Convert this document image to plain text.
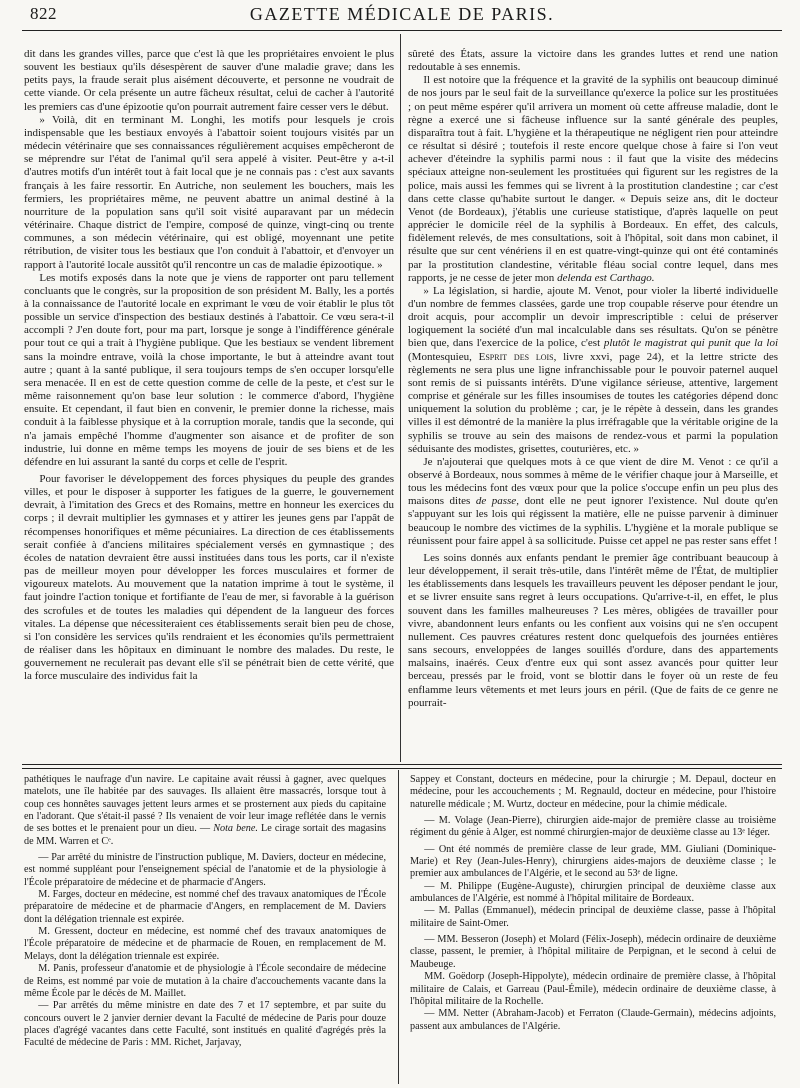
822	GAZETTE MÉDICALE DE PARIS.

dit dans les grandes villes, parce que c'est là que les propriétaires envoient le plus souvent les bestiaux qu'ils désespèrent de sauver d'une maladie grave; dans les petits pays, la fraude serait plus aisément découverte, et personne ne voudrait de cette viande. Or cela présente un autre fâcheux résultat, celui de cacher à l'autorité les premiers cas d'une épizootie qu'on pourrait autrement faire cesser vers le début.

» Voilà, dit en terminant M. Longhi, les motifs pour lesquels je crois indispensable que les bestiaux envoyés à l'abattoir soient toujours visités par un médecin vétérinaire que ses connaissances régulièrement acquises empêcheront de se méprendre sur l'état de l'animal qu'il sera appelé à visiter. Peut-être y a-t-il d'autres motifs d'un intérêt tout à fait local que je ne connais pas : c'est aux savants français à les faire ressortir. En Autriche, non seulement les bouchers, mais les fermiers, les propriétaires même, ne peuvent abattre un animal destiné à la nourriture de la population sans qu'il soit visité auparavant par un médecin vétérinaire. Chaque district de l'empire, composé de quinze, vingt-cinq ou trente communes, a son médecin vétérinaire, qui est obligé, moyennant une petite rétribution, de visiter tous les bestiaux que l'on conduit à l'abattoir, et d'envoyer un rapport à l'autorité locale aussitôt qu'il rencontre un cas de maladie épizootique. »

Les motifs exposés dans la note que je viens de rapporter ont paru tellement concluants que le congrès, sur la proposition de son président M. Bally, les a portés à la connaissance de l'autorité locale en exprimant le vœu de voir établir le plus tôt possible un service d'inspection des bestiaux destinés à l'abattoir. Ce vœu sera-t-il accompli ? J'en doute fort, pour ma part, lorsque je songe à l'indifférence générale pour tout ce qui a trait à l'hygiène publique. Que les bestiaux se vendent librement sans la moindre entrave, voilà la chose importante, le but à atteindre avant tout autre ; quant à la santé publique, il sera toujours temps de s'en occuper lorsqu'elle sera menacée. Il en est de cette question comme de celle de la peste, et c'est sur le même raisonnement qu'on base leur solution : le commerce d'abord, l'hygiène ensuite. Et cependant, il faut bien en convenir, le premier donne la richesse, mais conduit à la faiblesse physique et à la corruption morale, tandis que la seconde, qui n'a jamais empêché l'homme d'augmenter son aisance et de profiter de son industrie, lui donne en même temps les moyens de jouir de ses biens et de les défendre en lui assurant la santé du corps et celle de l'esprit.

Pour favoriser le développement des forces physiques du peuple des grandes villes, et pour le disposer à supporter les fatigues de la guerre, le gouvernement devrait, à l'imitation des Grecs et des Romains, mettre en honneur les exercices du corps ; il devrait multiplier les gymnases et y attirer les jeunes gens par l'appât de récompenses honorifiques et même pécuniaires. La direction de ces établissements serait confiée à d'anciens militaires spécialement versés en gymnastique ; des écoles de natation devraient être aussi instituées dans tous les ports, car il n'existe pas de meilleur moyen pour développer les forces musculaires et former de vigoureux matelots. Au mouvement que la natation imprime à tout le système, il faut joindre l'action tonique et fortifiante de l'eau de mer, si favorable à la guérison des scrofules et de toutes les maladies qui dépendent de la langueur des forces vitales. La dépense que nécessiteraient ces établissements serait bien peu de chose, si l'on considère les services qu'ils rendraient et les économies qu'ils permettraient de réaliser dans les hôpitaux en diminuant le nombre des malades. Du reste, le gouvernement ne reculerait pas devant elle s'il se pénétrait bien de cette vérité, que la force musculaire des individus fait la

sûreté des États, assure la victoire dans les grandes luttes et rend une nation redoutable à ses ennemis.

Il est notoire que la fréquence et la gravité de la syphilis ont beaucoup diminué de nos jours par le seul fait de la surveillance qu'exerce la police sur les prostituées ; on peut même espérer qu'il arrivera un moment où cette affreuse maladie, dont le règne a exercé une si fâcheuse influence sur la santé générale des peuples, disparaîtra tout à fait. L'hygiène et la thérapeutique ne négligent rien pour atteindre ce résultat si désiré ; toutefois il reste encore quelque chose à faire si l'on veut achever d'éteindre la syphilis parmi nous : il faut que la visite des médecins spéciaux atteigne non-seulement les prostituées qui figurent sur les registres de la police, mais aussi les femmes qui se livrent à la prostitution clandestine ; car c'est dans cette classe qu'habite surtout le danger. « Depuis seize ans, dit le docteur Venot (de Bordeaux), j'établis une curieuse statistique, d'après laquelle on peut apprécier le domicile réel de la syphilis à Bordeaux. En effet, des calculs, fidèlement relevés, de mes consultations, soit à l'hôpital, soit dans mon cabinet, il résulte que sur cent vénériens il en est quatre-vingt-quinze qui ont été contaminés par la prostitution clandestine, véritable fléau social contre lequel, dans mes rapports, je ne cesse de jeter mon delenda est Carthago.

» La législation, si hardie, ajoute M. Venot, pour violer la liberté individuelle d'un nombre de femmes classées, garde une trop coupable réserve pour étendre un droit acquis, pour accomplir un devoir imprescriptible : celui de préserver logiquement la société d'un mal incalculable dans ses résultats. Qu'on se pénètre bien que, dans l'exercice de la police, c'est plutôt le magistrat qui punit que la loi (Montesquieu, Esprit des lois, livre xxvi, page 24), et la lettre stricte des règlements ne sera plus une ligne infranchissable pour le pouvoir paternel auquel sont remis de si puissants intérêts. D'une vigilance sérieuse, attentive, largement comprise et générale sur les filles insoumises de toutes les catégories dépend donc uniquement la solution du problème ; car, je le répète à dessein, dans les grandes villes il est démontré de la manière la plus irréfragable que la véritable origine de la syphilis se trouve au sein des maisons de rendez-vous et parmi la population séduisante des modistes, grisettes, couturières, etc. »

Je n'ajouterai que quelques mots à ce que vient de dire M. Venot : ce qu'il a observé à Bordeaux, nous sommes à même de le vérifier chaque jour à Marseille, et tous les médecins font des vœux pour que la police s'occupe enfin un peu plus des maisons dites de passe, dont elle ne peut ignorer l'existence. Nul doute qu'en s'appuyant sur les lois qui régissent la matière, elle ne puisse parvenir à diminuer beaucoup le nombre des victimes de la syphilis. L'hygiène et la morale publique se réunissent pour faire appel à sa sollicitude. Puisse cet appel ne pas rester sans effet !

Les soins donnés aux enfants pendant le premier âge contribuant beaucoup à leur développement, il serait très-utile, dans l'intérêt même de l'État, de multiplier les établissements dans lesquels les travailleurs peuvent les déposer pendant le jour, et se livrer ensuite sans regret à leurs occupations. Qu'arrive-t-il, en effet, le plus souvent dans les familles malheureuses ? Les mères, obligées de travailler pour vivre, abandonnent leurs enfants ou les confient aux voisins qui ne s'en occupent nullement. Ces pauvres créatures restent donc quelquefois des journées entières sans secours, enveloppées de langes souillés d'ordure, dans des appartements malsains, inaérés. Ceux d'entre eux qui sont assez avancés pour quitter leur berceau, pressés par le froid, vont se blottir dans le foyer où un reste de feu enflamme leurs vêtements et met leurs jours en péril. (Que de faits de ce genre ne pourrait-

pathétiques le naufrage d'un navire. Le capitaine avait réussi à gagner, avec quelques matelots, une île habitée par des sauvages. Ils allaient être massacrés, lorsque tout à coup ces honnêtes sauvages jettent leurs armes et se prosternent aux pieds du capitaine en l'adorant. Que s'était-il passé ? Ils venaient de voir leur image reflétée dans le vernis de ses bottes et le prenaient pour un dieu. — Nota bene. Le cirage sortait des magasins de MM. Warren et Cᵉ.

— Par arrêté du ministre de l'instruction publique, M. Daviers, docteur en médecine, est nommé suppléant pour l'enseignement spécial de l'anatomie et de la physiologie à l'École préparatoire de médecine et de pharmacie d'Angers.

M. Farges, docteur en médecine, est nommé chef des travaux anatomiques de l'École préparatoire de médecine et de pharmacie d'Angers, en remplacement de M. Daviers dont la délégation triennale est expirée.

M. Gressent, docteur en médecine, est nommé chef des travaux anatomiques de l'École préparatoire de médecine et de pharmacie de Rouen, en remplacement de M. Melays, dont la délégation triennale est expirée.

M. Panis, professeur d'anatomie et de physiologie à l'École secondaire de médecine de Reims, est nommé par voie de mutation à la chaire d'accouchements vacante dans la même École par le décès de M. Maillet.

— Par arrêtés du même ministre en date des 7 et 17 septembre, et par suite du concours ouvert le 2 janvier dernier devant la Faculté de médecine de Paris pour douze places d'agrégé vacantes dans cette Faculté, sont institués en qualité d'agrégés près la Faculté de médecine de Paris : MM. Richet, Jarjavay,

Sappey et Constant, docteurs en médecine, pour la chirurgie ; M. Depaul, docteur en médecine, pour les accouchements ; M. Regnauld, docteur en médecine, pour l'histoire naturelle médicale ; M. Wurtz, docteur en médecine, pour la chimie médicale.

— M. Volage (Jean-Pierre), chirurgien aide-major de première classe au troisième régiment du génie à Alger, est nommé chirurgien-major de deuxième classe au 13ᵉ léger.

— Ont été nommés de première classe de leur grade, MM. Giuliani (Dominique-Marie) et Rey (Jean-Jules-Henry), chirurgiens aides-majors de deuxième classe ; le premier aux ambulances de l'Algérie, et le second au 53ᵉ de ligne.

— M. Philippe (Eugène-Auguste), chirurgien principal de deuxième classe aux ambulances de l'Algérie, est nommé à l'hôpital militaire de Bordeaux.

— M. Pallas (Emmanuel), médecin principal de deuxième classe, passe à l'hôpital militaire de Saint-Omer.

— MM. Besseron (Joseph) et Molard (Félix-Joseph), médecin ordinaire de deuxième classe, passent, le premier, à l'hôpital militaire de Perpignan, et le second à celui de Maubeuge.

MM. Goëdorp (Joseph-Hippolyte), médecin ordinaire de première classe, à l'hôpital militaire de Calais, et Garreau (Paul-Émile), médecin ordinaire de deuxième classe, à l'hôpital militaire de la Rochelle.

— MM. Netter (Abraham-Jacob) et Ferraton (Claude-Germain), médecins adjoints, passent aux ambulances de l'Algérie.
